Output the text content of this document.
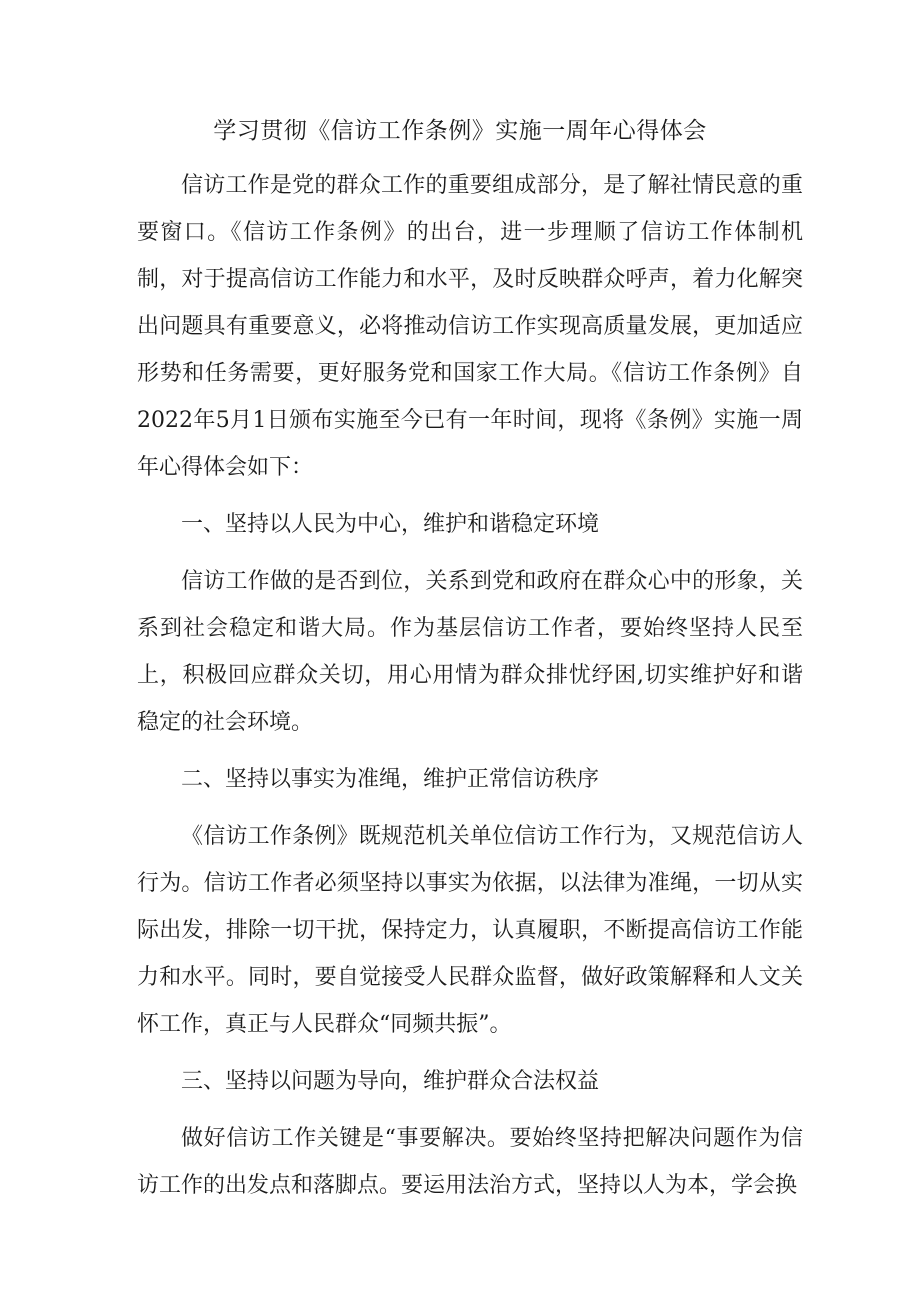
学习贯彻《信访工作条例》实施一周年心得体会

信访工作是党的群众工作的重要组成部分，是了解社情民意的重要窗口。《信访工作条例》的出台，进一步理顺了信访工作体制机制，对于提高信访工作能力和水平，及时反映群众呼声，着力化解突出问题具有重要意义，必将推动信访工作实现高质量发展，更加适应形势和任务需要，更好服务党和国家工作大局。《信访工作条例》自2022年5月1日颁布实施至今已有一年时间，现将《条例》实施一周年心得体会如下：

一、坚持以人民为中心，维护和谐稳定环境

信访工作做的是否到位，关系到党和政府在群众心中的形象，关系到社会稳定和谐大局。作为基层信访工作者，要始终坚持人民至上，积极回应群众关切，用心用情为群众排忧纾困,切实维护好和谐稳定的社会环境。

二、坚持以事实为准绳，维护正常信访秩序

《信访工作条例》既规范机关单位信访工作行为，又规范信访人行为。信访工作者必须坚持以事实为依据，以法律为准绳，一切从实际出发，排除一切干扰，保持定力，认真履职，不断提高信访工作能力和水平。同时，要自觉接受人民群众监督，做好政策解释和人文关怀工作，真正与人民群众“同频共振”。

三、坚持以问题为导向，维护群众合法权益

做好信访工作关键是“事要解决。要始终坚持把解决问题作为信访工作的出发点和落脚点。要运用法治方式，坚持以人为本，学会换
